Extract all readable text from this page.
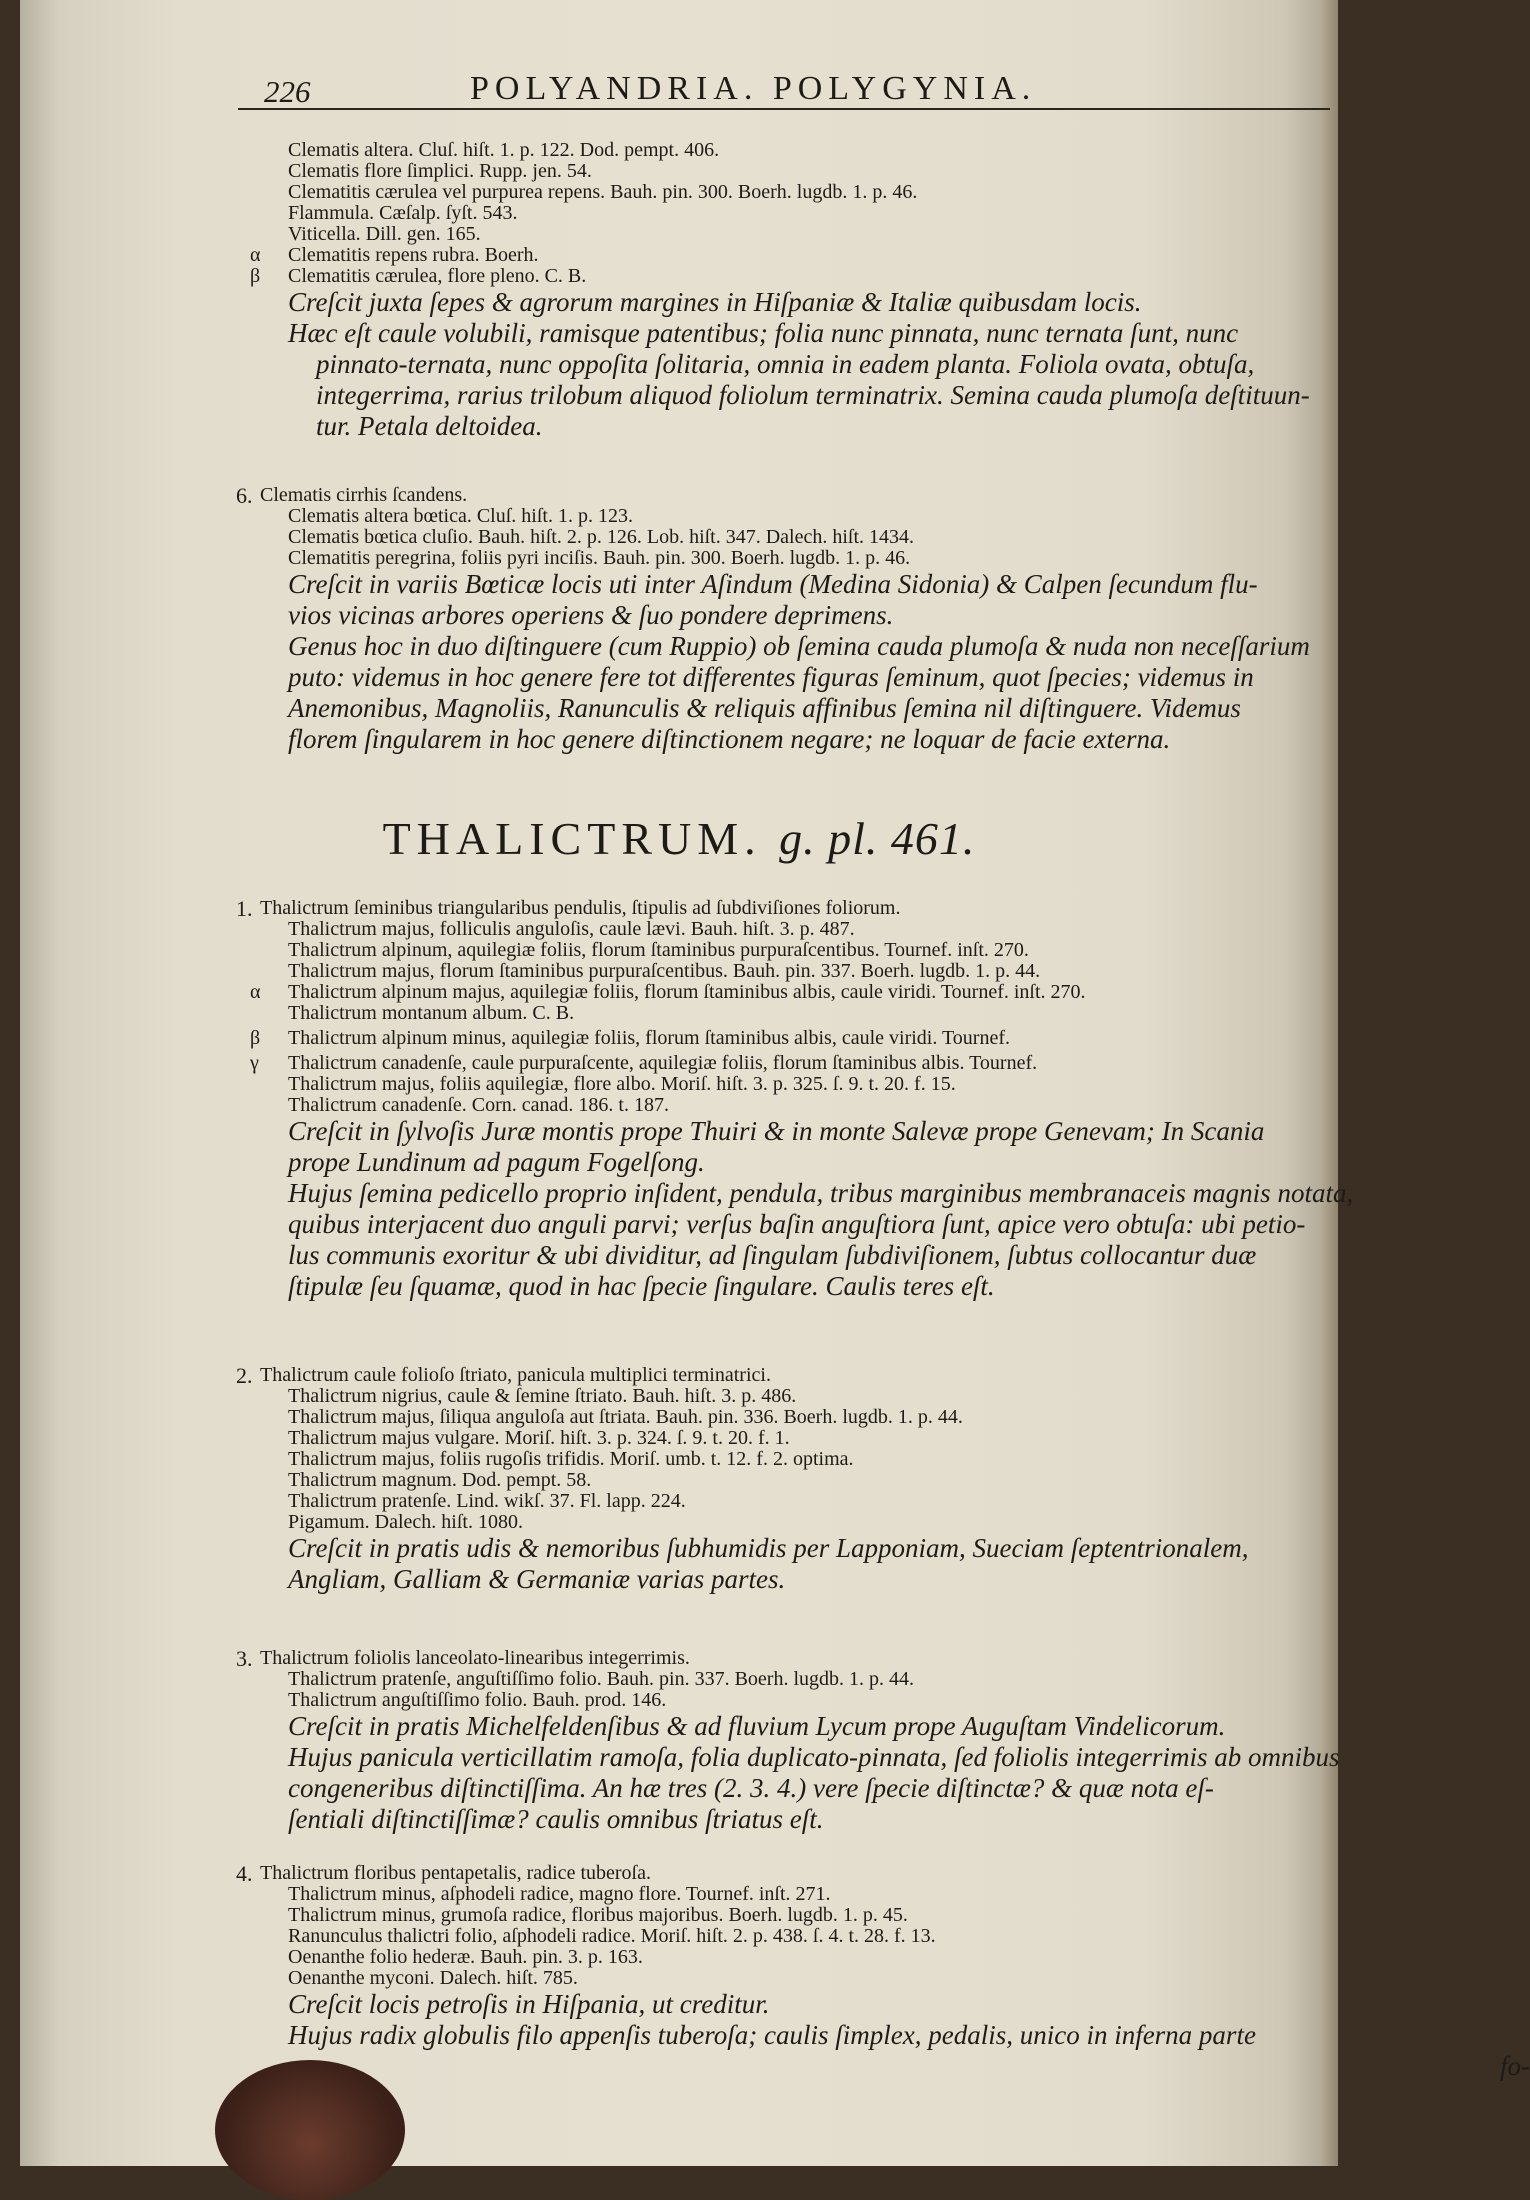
226	POLYANDRIA. POLYGYNIA.
Clematis altera. Cluſ. hiſt. 1. p. 122. Dod. pempt. 406.
Clematis flore ſimplici. Rupp. jen. 54.
Clematitis cærulea vel purpurea repens. Bauh. pin. 300. Boerh. lugdb. 1. p. 46.
Flammula. Cæſalp. ſyſt. 543.
Viticella. Dill. gen. 165.
α Clematitis repens rubra. Boerh.
β Clematitis cærulea, flore pleno. C. B.
Creſcit juxta ſepes & agrorum margines in Hiſpaniæ & Italiæ quibusdam locis.
Hæc eſt caule volubili, ramisque patentibus; folia nunc pinnata, nunc ternata ſunt, nunc
pinnato-ternata, nunc oppoſita ſolitaria, omnia in eadem planta. Foliola ovata, obtuſa,
integerrima, rarius trilobum aliquod foliolum terminatrix. Semina cauda plumoſa deſtituun-
tur. Petala deltoidea.
6. Clematis cirrhis ſcandens.
Clematis altera bœtica. Cluſ. hiſt. 1. p. 123.
Clematis bœtica cluſio. Bauh. hiſt. 2. p. 126. Lob. hiſt. 347. Dalech. hiſt. 1434.
Clematitis peregrina, foliis pyri inciſis. Bauh. pin. 300. Boerh. lugdb. 1. p. 46.
Creſcit in variis Bœticæ locis uti inter Aſindum (Medina Sidonia) & Calpen ſecundum flu-
vios vicinas arbores operiens & ſuo pondere deprimens.
Genus hoc in duo diſtinguere (cum Ruppio) ob ſemina cauda plumoſa & nuda non neceſſarium
puto: videmus in hoc genere fere tot differentes figuras ſeminum, quot ſpecies; videmus in
Anemonibus, Magnoliis, Ranunculis & reliquis affinibus ſemina nil diſtinguere. Videmus
florem ſingularem in hoc genere diſtinctionem negare; ne loquar de facie externa.
THALICTRUM. g. pl. 461.
1. Thalictrum ſeminibus triangularibus pendulis, ſtipulis ad ſubdiviſiones foliorum.
Thalictrum majus, folliculis anguloſis, caule lævi. Bauh. hiſt. 3. p. 487.
Thalictrum alpinum, aquilegiæ foliis, florum ſtaminibus purpuraſcentibus. Tournef. inſt. 270.
Thalictrum majus, florum ſtaminibus purpuraſcentibus. Bauh. pin. 337. Boerh. lugdb. 1. p. 44.
α Thalictrum alpinum majus, aquilegiæ foliis, florum ſtaminibus albis, caule viridi. Tournef. inſt. 270.
Thalictrum montanum album. C. B.
β Thalictrum alpinum minus, aquilegiæ foliis, florum ſtaminibus albis, caule viridi. Tournef.
γ Thalictrum canadenſe, caule purpuraſcente, aquilegiæ foliis, florum ſtaminibus albis. Tournef.
Thalictrum majus, foliis aquilegiæ, flore albo. Moriſ. hiſt. 3. p. 325. ſ. 9. t. 20. f. 15.
Thalictrum canadenſe. Corn. canad. 186. t. 187.
Creſcit in ſylvoſis Juræ montis prope Thuiri & in monte Salevæ prope Genevam; In Scania
prope Lundinum ad pagum Fogelſong.
Hujus ſemina pedicello proprio inſident, pendula, tribus marginibus membranaceis magnis notata,
quibus interjacent duo anguli parvi; verſus baſin anguſtiora ſunt, apice vero obtuſa: ubi petio-
lus communis exoritur & ubi dividitur, ad ſingulam ſubdiviſionem, ſubtus collocantur duæ
ſtipulæ ſeu ſquamæ, quod in hac ſpecie ſingulare. Caulis teres eſt.
2. Thalictrum caule folioſo ſtriato, panicula multiplici terminatrici.
Thalictrum nigrius, caule & ſemine ſtriato. Bauh. hiſt. 3. p. 486.
Thalictrum majus, ſiliqua anguloſa aut ſtriata. Bauh. pin. 336. Boerh. lugdb. 1. p. 44.
Thalictrum majus vulgare. Moriſ. hiſt. 3. p. 324. ſ. 9. t. 20. f. 1.
Thalictrum majus, foliis rugoſis trifidis. Moriſ. umb. t. 12. f. 2. optima.
Thalictrum magnum. Dod. pempt. 58.
Thalictrum pratenſe. Lind. wikſ. 37. Fl. lapp. 224.
Pigamum. Dalech. hiſt. 1080.
Creſcit in pratis udis & nemoribus ſubhumidis per Lapponiam, Sueciam ſeptentrionalem,
Angliam, Galliam & Germaniæ varias partes.
3. Thalictrum foliolis lanceolato-linearibus integerrimis.
Thalictrum pratenſe, anguſtiſſimo folio. Bauh. pin. 337. Boerh. lugdb. 1. p. 44.
Thalictrum anguſtiſſimo folio. Bauh. prod. 146.
Creſcit in pratis Michelfeldenſibus & ad fluvium Lycum prope Auguſtam Vindelicorum.
Hujus panicula verticillatim ramoſa, folia duplicato-pinnata, ſed foliolis integerrimis ab omnibus
congeneribus diſtinctiſſima. An hæ tres (2. 3. 4.) vere ſpecie diſtinctæ? & quæ nota eſ-
ſentiali diſtinctiſſimæ? caulis omnibus ſtriatus eſt.
4. Thalictrum floribus pentapetalis, radice tuberoſa.
Thalictrum minus, aſphodeli radice, magno flore. Tournef. inſt. 271.
Thalictrum minus, grumoſa radice, floribus majoribus. Boerh. lugdb. 1. p. 45.
Ranunculus thalictri folio, aſphodeli radice. Moriſ. hiſt. 2. p. 438. ſ. 4. t. 28. f. 13.
Oenanthe folio hederæ. Bauh. pin. 3. p. 163.
Oenanthe myconi. Dalech. hiſt. 785.
Creſcit locis petroſis in Hiſpania, ut creditur.
Hujus radix globulis filo appenſis tuberoſa; caulis ſimplex, pedalis, unico in inferna parte
fo-
